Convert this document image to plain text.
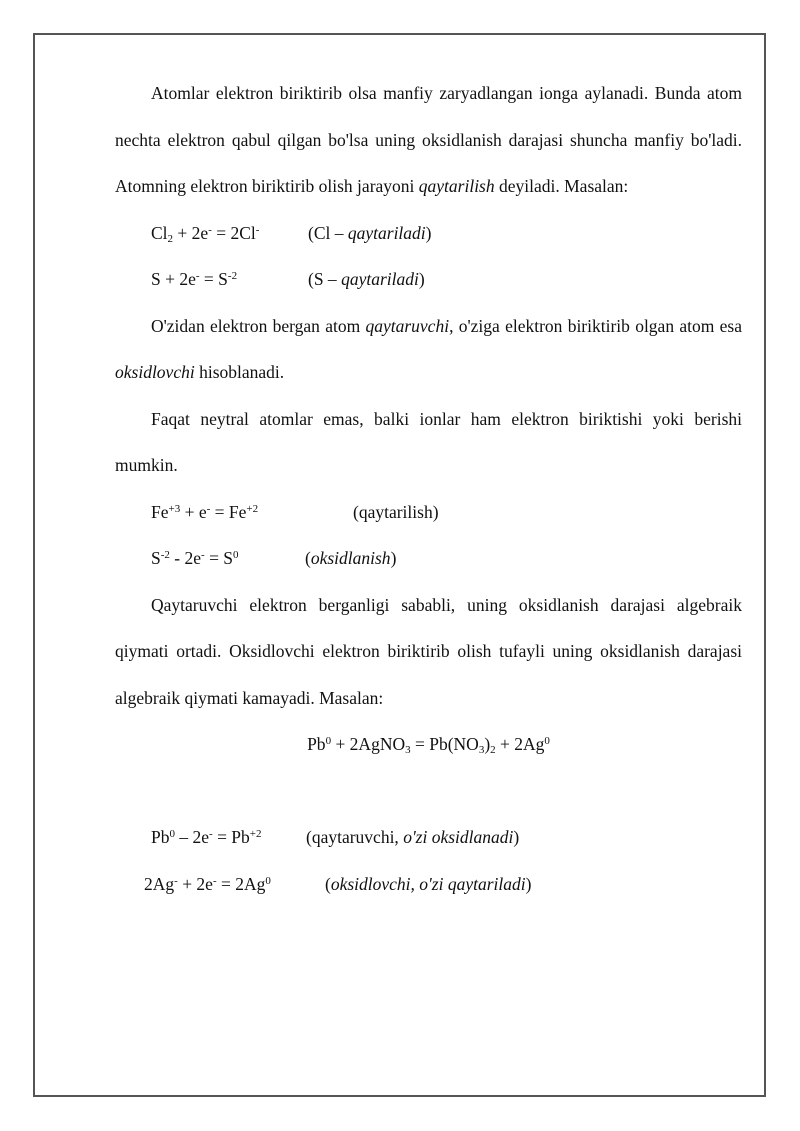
Atomlar elektron biriktirib olsa manfiy zaryadlangan ionga aylanadi. Bunda atom nechta elektron qabul qilgan bo'lsa uning oksidlanish darajasi shuncha manfiy bo'ladi. Atomning elektron biriktirib olish jarayoni qaytarilish deyiladi. Masalan:

$Cl_2 + 2e^- = 2Cl^-$	(Cl – qaytariladi)

$S + 2e^- = S^{-2}$	(S – qaytariladi)

O'zidan elektron bergan atom qaytaruvchi, o'ziga elektron biriktirib olgan atom esa oksidlovchi hisoblanadi.

Faqat neytral atomlar emas, balki ionlar ham elektron biriktishi yoki berishi mumkin.

$Fe^{+3} + e^- = Fe^{+2}$	(qaytarilish)

$S^{-2} - 2e^- = S^0$	(oksidlanish)

Qaytaruvchi elektron berganligi sababli, uning oksidlanish darajasi algebraik qiymati ortadi. Oksidlovchi elektron biriktirib olish tufayli uning oksidlanish darajasi algebraik qiymati kamayadi. Masalan:

$Pb^0$ + 2AgNO$_3$ = $Pb(NO_3)_2 + 2Ag^0$

$Pb^0 - 2e^- = Pb^{+2}$	(qaytaruvchi, o'zi oksidlanadi)

$2Ag^- + 2e^- = 2Ag^0$	(oksidlovchi, o'zi qaytariladi)
